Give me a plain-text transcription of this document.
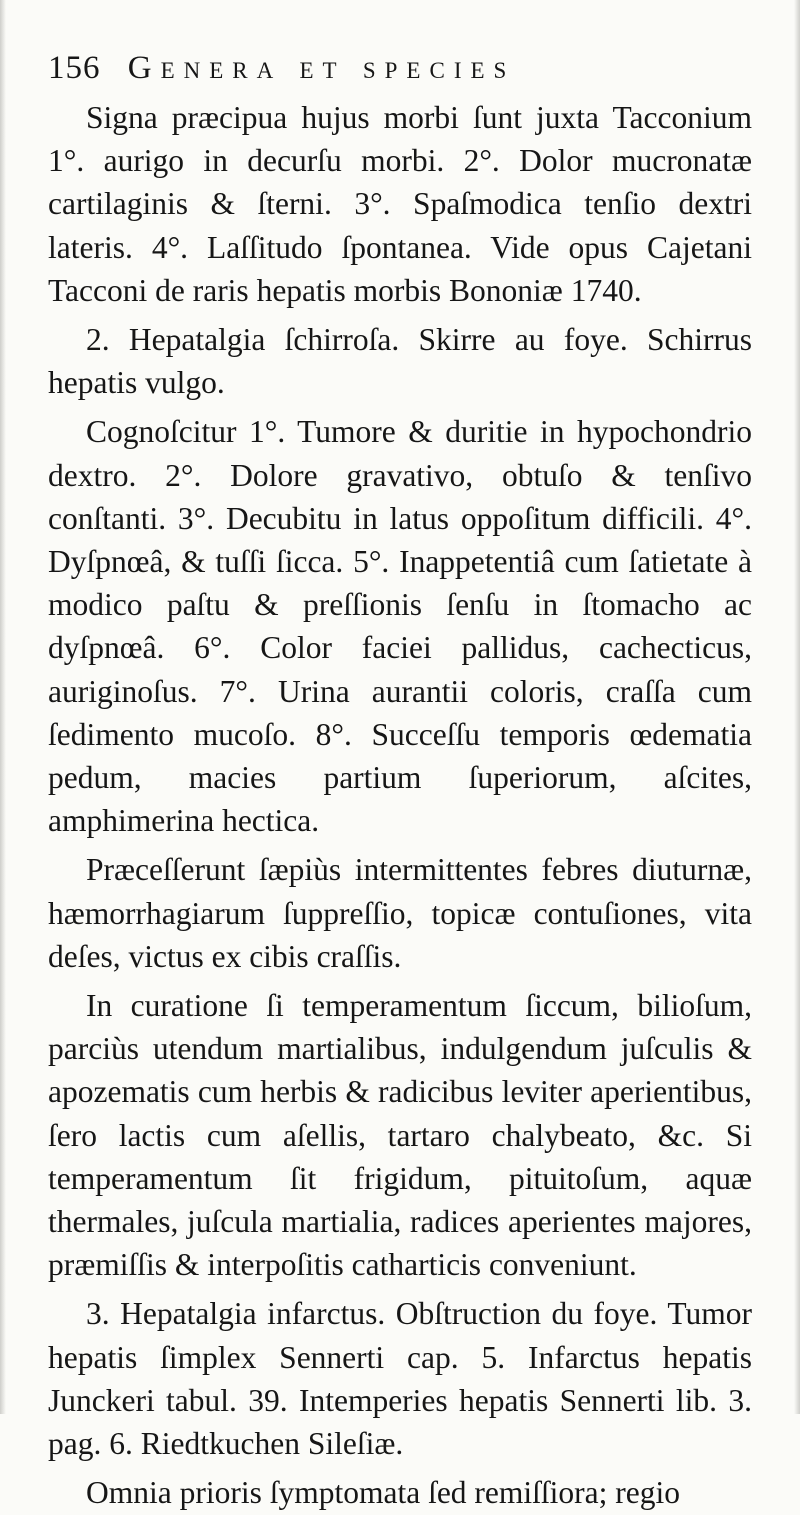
156 Genera et species
Signa præcipua hujus morbi ſunt juxta Tacconium 1°. aurigo in decurſu morbi. 2°. Dolor mucronatæ cartilaginis & ſterni. 3°. Spaſmodica tenſio dextri lateris. 4°. Laſſitudo ſpontanea. Vide opus Cajetani Tacconi de raris hepatis morbis Bononiæ 1740.
2. Hepatalgia ſchirroſa. Skirre au foye. Schirrus hepatis vulgo.
Cognoſcitur 1°. Tumore & duritie in hypochondrio dextro. 2°. Dolore gravativo, obtuſo & tenſivo conſtanti. 3°. Decubitu in latus oppoſitum difficili. 4°. Dyſpnœâ, & tuſſi ſicca. 5°. Inappetentiâ cum ſatietate à modico paſtu & preſſionis ſenſu in ſtomacho ac dyſpnœâ. 6°. Color faciei pallidus, cachecticus, auriginoſus. 7°. Urina aurantii coloris, craſſa cum ſedimento mucoſo. 8°. Succeſſu temporis œdematia pedum, macies partium ſuperiorum, aſcites, amphimerina hectica.
Præceſſerunt ſæpiùs intermittentes febres diuturnæ, hæmorrhagiarum ſuppreſſio, topicæ contuſiones, vita deſes, victus ex cibis craſſis.
In curatione ſi temperamentum ſiccum, bilioſum, parciùs utendum martialibus, indulgendum juſculis & apozematis cum herbis & radicibus leviter aperientibus, ſero lactis cum aſellis, tartaro chalybeato, &c. Si temperamentum ſit frigidum, pituitoſum, aquæ thermales, juſcula martialia, radices aperientes majores, præmiſſis & interpoſitis catharticis conveniunt.
3. Hepatalgia infarctus. Obſtruction du foye. Tumor hepatis ſimplex Sennerti cap. 5. Infarctus hepatis Junckeri tabul. 39. Intemperies hepatis Sennerti lib. 3. pag. 6. Riedtkuchen Sileſiæ.
Omnia prioris ſymptomata ſed remiſſiora; regio
